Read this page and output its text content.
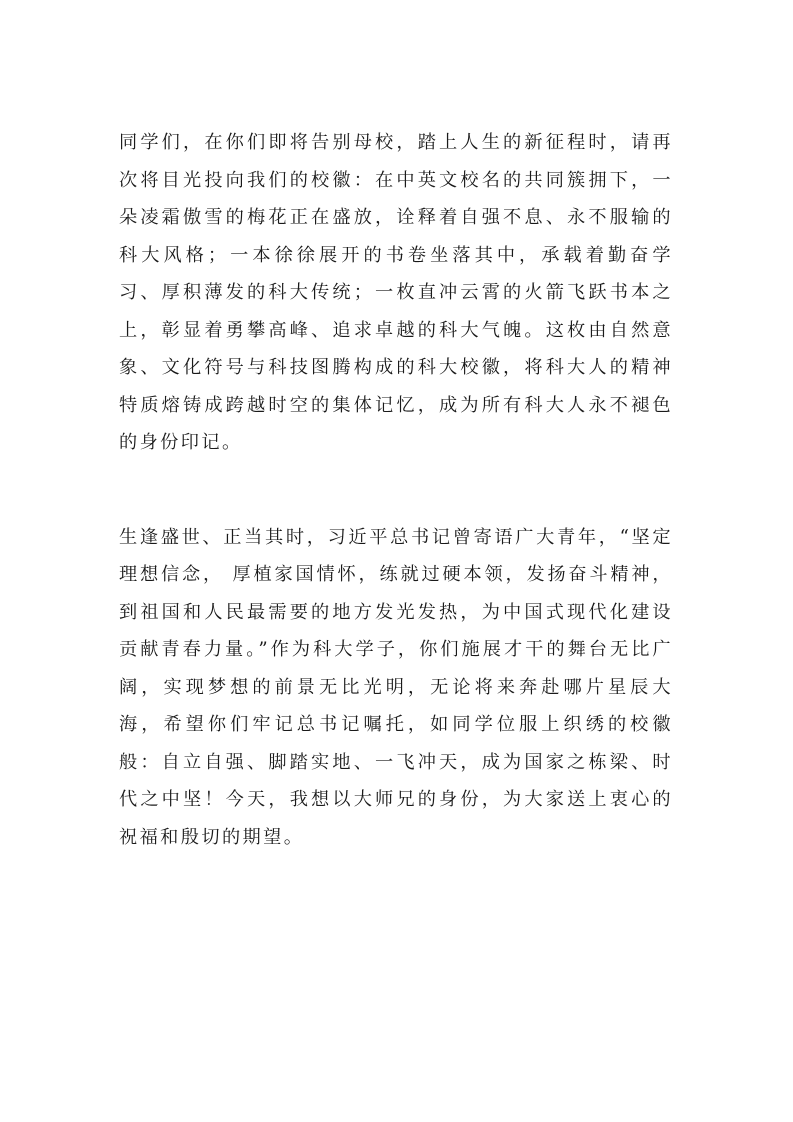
同学们，在你们即将告别母校，踏上人生的新征程时，请再次将目光投向我们的校徽：在中英文校名的共同簇拥下，一朵凌霜傲雪的梅花正在盛放，诠释着自强不息、永不服输的科大风格；一本徐徐展开的书卷坐落其中，承载着勤奋学习、厚积薄发的科大传统；一枚直冲云霄的火箭飞跃书本之上，彰显着勇攀高峰、追求卓越的科大气魄。这枚由自然意象、文化符号与科技图腾构成的科大校徽，将科大人的精神特质熔铸成跨越时空的集体记忆，成为所有科大人永不褪色的身份印记。

生逢盛世、正当其时，习近平总书记曾寄语广大青年，“坚定理想信念， 厚植家国情怀，练就过硬本领，发扬奋斗精神，到祖国和人民最需要的地方发光发热，为中国式现代化建设贡献青春力量。”作为科大学子，你们施展才干的舞台无比广阔，实现梦想的前景无比光明，无论将来奔赴哪片星辰大海，希望你们牢记总书记嘱托，如同学位服上织绣的校徽般：自立自强、脚踏实地、一飞冲天，成为国家之栋梁、时代之中坚！今天，我想以大师兄的身份，为大家送上衷心的祝福和殷切的期望。
